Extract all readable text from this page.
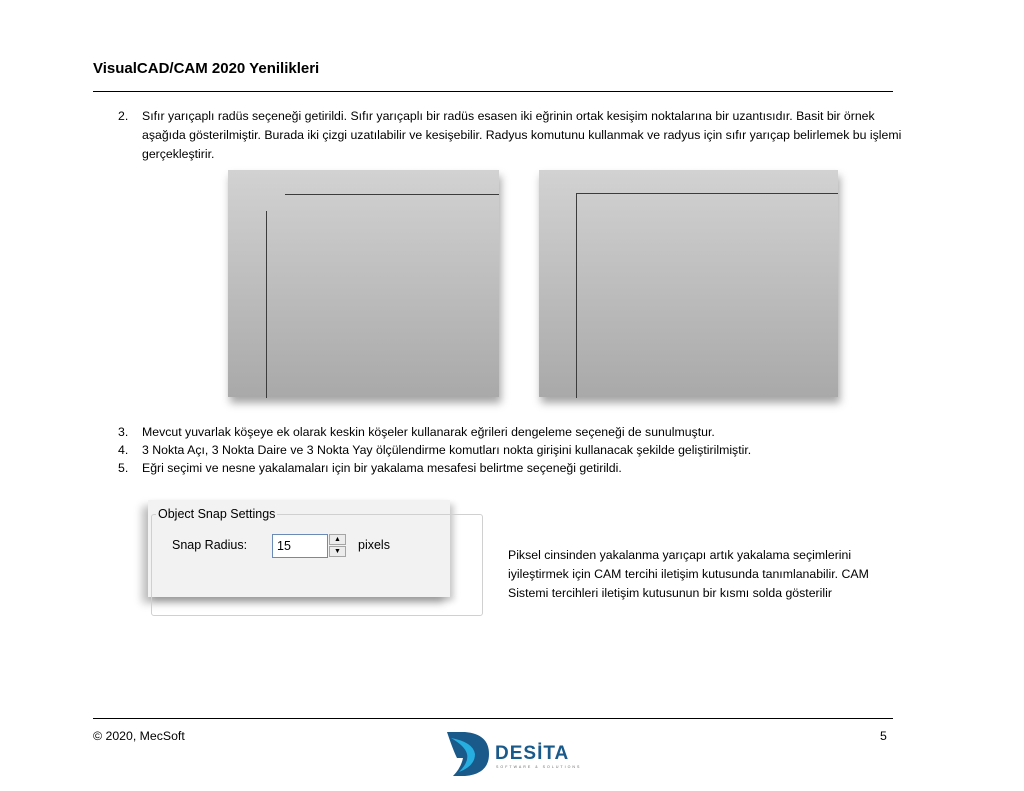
VisualCAD/CAM 2020 Yenilikleri
2. Sıfır yarıçaplı radüs seçeneği getirildi. Sıfır yarıçaplı bir radüs esasen iki eğrinin ortak kesişim noktalarına bir uzantısıdır. Basit bir örnek aşağıda gösterilmiştir. Burada iki çizgi uzatılabilir ve kesişebilir. Radyus komutunu kullanmak ve radyus için sıfır yarıçap belirlemek bu işlemi gerçekleştirir.
3. Mevcut yuvarlak köşeye ek olarak keskin köşeler kullanarak eğrileri dengeleme seçeneği de sunulmuştur.
4. 3 Nokta Açı, 3 Nokta Daire ve 3 Nokta Yay ölçülendirme komutları nokta girişini kullanacak şekilde geliştirilmiştir.
5. Eğri seçimi ve nesne yakalamaları için bir yakalama mesafesi belirtme seçeneği getirildi.
Object Snap Settings
Snap Radius:
15	▲
▼	pixels
Piksel cinsinden yakalanma yarıçapı artık yakalama seçimlerini iyileştirmek için CAM tercihi iletişim kutusunda tanımlanabilir. CAM Sistemi tercihleri iletişim kutusunun bir kısmı solda gösterilir
© 2020, MecSoft	5
DESİTA
SOFTWARE & SOLUTIONS
